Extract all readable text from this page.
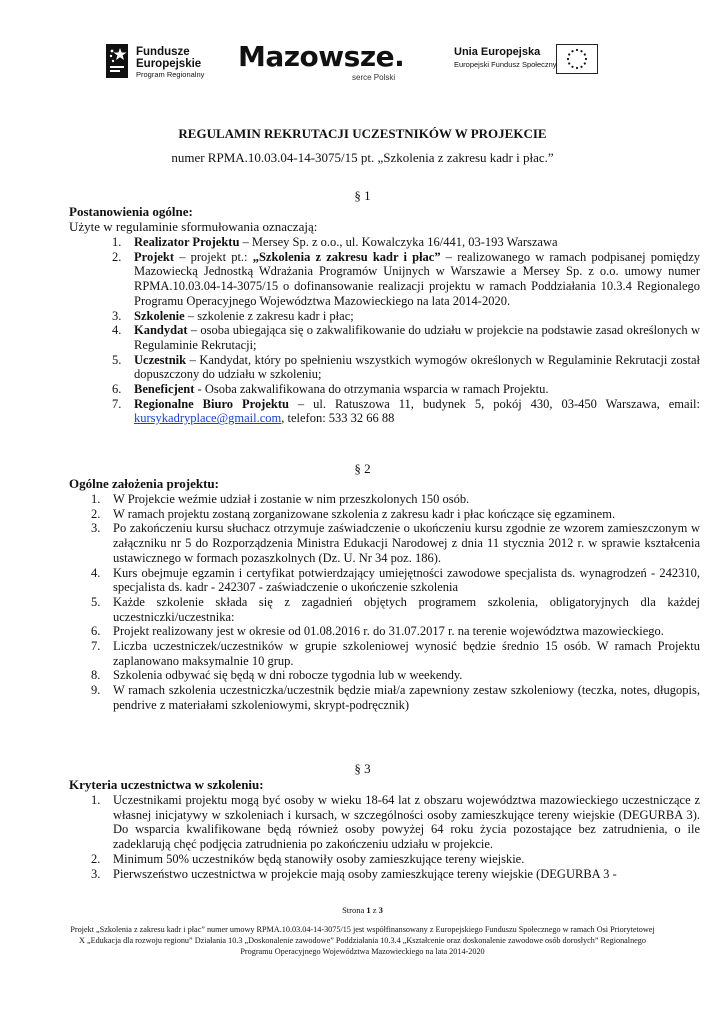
Fundusze
Europejskie
Program Regionalny
Mazowsze.
serce Polski
Unia Europejska
Europejski Fundusz Społeczny
REGULAMIN REKRUTACJI UCZESTNIKÓW W PROJEKCIE
numer RPMA.10.03.04-14-3075/15 pt. „Szkolenia z zakresu kadr i płac.”
§ 1
Postanowienia ogólne:
Użyte w regulaminie sformułowania oznaczają:
1. Realizator Projektu – Mersey Sp. z o.o., ul. Kowalczyka 16/441, 03-193 Warszawa
2. Projekt – projekt pt.: „Szkolenia z zakresu kadr i płac” – realizowanego w ramach podpisanej pomiędzy Mazowiecką Jednostką Wdrażania Programów Unijnych w Warszawie a Mersey Sp. z o.o. umowy numer RPMA.10.03.04-14-3075/15 o dofinansowanie realizacji projektu w ramach Poddziałania 10.3.4 Regionalego Programu Operacyjnego Województwa Mazowieckiego na lata 2014-2020.
3. Szkolenie – szkolenie z zakresu kadr i płac;
4. Kandydat – osoba ubiegająca się o zakwalifikowanie do udziału w projekcie na podstawie zasad określonych w Regulaminie Rekrutacji;
5. Uczestnik – Kandydat, który po spełnieniu wszystkich wymogów określonych w Regulaminie Rekrutacji został dopuszczony do udziału w szkoleniu;
6. Beneficjent - Osoba zakwalifikowana do otrzymania wsparcia w ramach Projektu.
7. Regionalne Biuro Projektu – ul. Ratuszowa 11, budynek 5, pokój 430, 03-450 Warszawa, email: kursykadryplace@gmail.com, telefon: 533 32 66 88
§ 2
Ogólne założenia projektu:
1. W Projekcie weźmie udział i zostanie w nim przeszkolonych 150 osób.
2. W ramach projektu zostaną zorganizowane szkolenia z zakresu kadr i płac kończące się egzaminem.
3. Po zakończeniu kursu słuchacz otrzymuje zaświadczenie o ukończeniu kursu zgodnie ze wzorem zamieszczonym w załączniku nr 5 do Rozporządzenia Ministra Edukacji Narodowej z dnia 11 stycznia 2012 r. w sprawie kształcenia ustawicznego w formach pozaszkolnych (Dz. U. Nr 34 poz. 186).
4. Kurs obejmuje egzamin i certyfikat potwierdzający umiejętności zawodowe specjalista ds. wynagrodzeń - 242310, specjalista ds. kadr - 242307 - zaświadczenie o ukończenie szkolenia
5. Każde szkolenie składa się z zagadnień objętych programem szkolenia, obligatoryjnych dla każdej uczestniczki/uczestnika:
6. Projekt realizowany jest w okresie od 01.08.2016 r. do 31.07.2017 r. na terenie województwa mazowieckiego.
7. Liczba uczestniczek/uczestników w grupie szkoleniowej wynosić będzie średnio 15 osób. W ramach Projektu zaplanowano maksymalnie 10 grup.
8. Szkolenia odbywać się będą w dni robocze tygodnia lub w weekendy.
9. W ramach szkolenia uczestniczka/uczestnik będzie miał/a zapewniony zestaw szkoleniowy (teczka, notes, długopis, pendrive z materiałami szkoleniowymi, skrypt-podręcznik)
§ 3
Kryteria uczestnictwa w szkoleniu:
1. Uczestnikami projektu mogą być osoby w wieku 18-64 lat z obszaru województwa mazowieckiego uczestniczące z własnej inicjatywy w szkoleniach i kursach, w szczególności osoby zamieszkujące tereny wiejskie (DEGURBA 3). Do wsparcia kwalifikowane będą również osoby powyżej 64 roku życia pozostające bez zatrudnienia, o ile zadeklarują chęć podjęcia zatrudnienia po zakończeniu udziału w projekcie.
2. Minimum 50% uczestników będą stanowiły osoby zamieszkujące tereny wiejskie.
3. Pierwszeństwo uczestnictwa w projekcie mają osoby zamieszkujące tereny wiejskie (DEGURBA 3 -
Strona 1 z 3
Projekt „Szkolenia z zakresu kadr i płac” numer umowy RPMA.10.03.04-14-3075/15 jest współfinansowany z Europejskiego Funduszu Społecznego w ramach Osi Priorytetowej X „Edukacja dla rozwoju regionu” Działania 10.3 „Doskonalenie zawodowe” Poddziałania 10.3.4 „Kształcenie oraz doskonalenie zawodowe osób dorosłych” Regionalnego Programu Operacyjnego Województwa Mazowieckiego na lata 2014-2020
